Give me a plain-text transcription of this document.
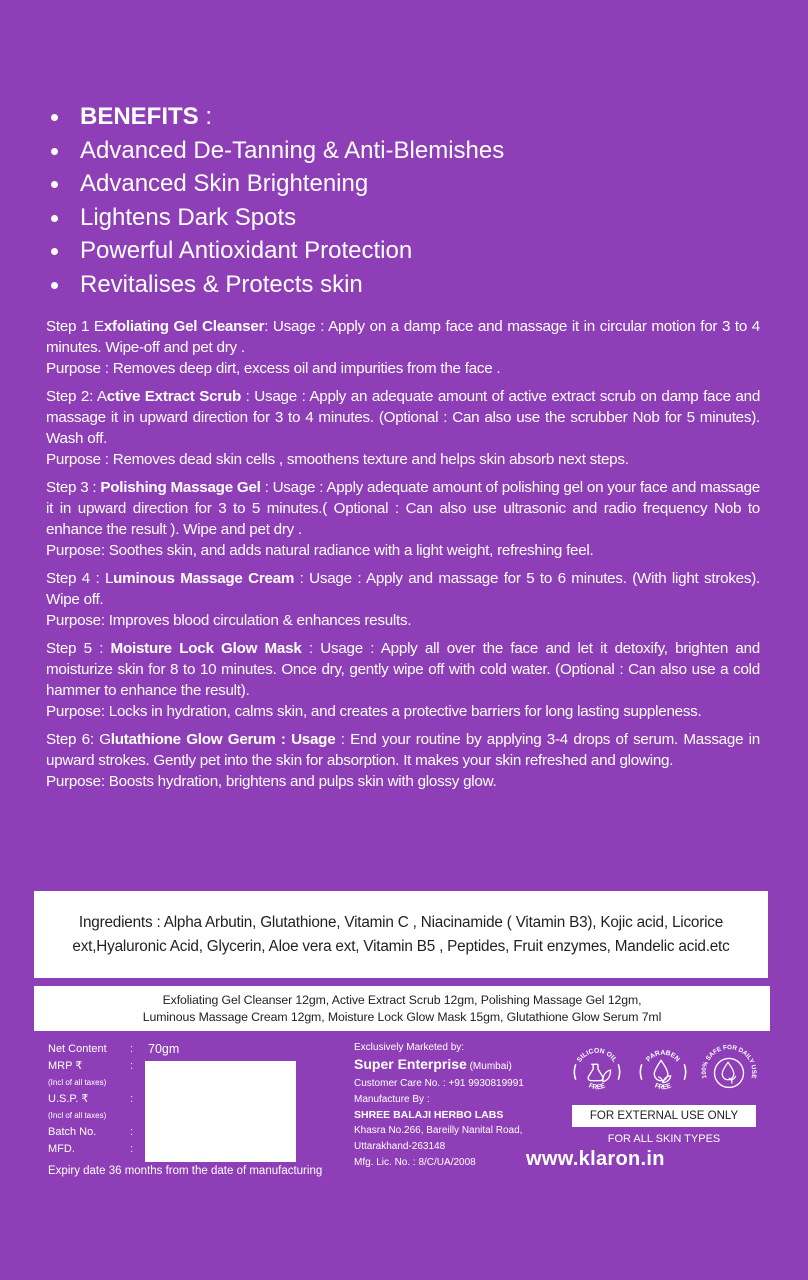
BENEFITS :
Advanced De-Tanning & Anti-Blemishes
Advanced Skin Brightening
Lightens Dark Spots
Powerful Antioxidant Protection
Revitalises & Protects skin

Step 1 Exfoliating Gel Cleanser: Usage : Apply on a damp face and massage it in circular motion for 3 to 4 minutes. Wipe-off and pet dry .

Purpose : Removes deep dirt, excess oil and impurities from the face .

Step 2: Active Extract Scrub : Usage : Apply an adequate amount of active extract scrub on damp face and massage it in upward direction for 3 to 4 minutes. (Optional : Can also use the scrubber Nob for 5 minutes). Wash off.

Purpose : Removes dead skin cells , smoothens texture and helps skin absorb next steps.

Step 3 : Polishing Massage Gel : Usage : Apply adequate amount of polishing gel on your face and massage it in upward direction for 3 to 5 minutes.( Optional : Can also use ultrasonic and radio frequency Nob to enhance the result ). Wipe and pet dry .

Purpose: Soothes skin, and adds natural radiance with a light weight, refreshing feel.

Step 4 : Luminous Massage Cream : Usage : Apply and massage for 5 to 6 minutes. (With light strokes). Wipe off.

Purpose: Improves blood circulation & enhances results.

Step 5 : Moisture Lock Glow Mask : Usage : Apply all over the face and let it detoxify, brighten and moisturize skin for 8 to 10 minutes. Once dry, gently wipe off with cold water. (Optional : Can also use a cold hammer to enhance the result).

Purpose: Locks in hydration, calms skin, and creates a protective barriers for long lasting suppleness.

Step 6: Glutathione Glow Gerum : Usage : End your routine by applying 3-4 drops of serum. Massage in upward strokes. Gently pet into the skin for absorption. It makes your skin refreshed and glowing.

Purpose: Boosts hydration, brightens and pulps skin with glossy glow.

Ingredients : Alpha Arbutin, Glutathione, Vitamin C , Niacinamide ( Vitamin B3), Kojic acid, Licorice ext,Hyaluronic Acid, Glycerin, Aloe vera ext, Vitamin B5 , Peptides, Fruit enzymes, Mandelic acid.etc

Exfoliating Gel Cleanser 12gm, Active Extract Scrub 12gm, Polishing Massage Gel 12gm,
Luminous Massage Cream 12gm, Moisture Lock Glow Mask 15gm, Glutathione Glow Serum 7ml

Net Content : 70gm
MRP ₹	:
(Incl of all taxes)
U.S.P. ₹	:
(Incl of all taxes)
Batch No.	:
MFD.	:
Expiry date 36 months from the date of manufacturing
Exclusively Marketed by:
Super Enterprise (Mumbai)
Customer Care No. : +91 9930819991
Manufacture By :
SHREE BALAJI HERBO LABS
Khasra No.266, Bareilly Nanital Road,
Uttarakhand-263148
Mfg. Lic. No. : 8/C/UA/2008
SILICON OIL
FREE
PARABEN
FREE
100% SAFE FOR DAILY USE
FOR EXTERNAL USE ONLY
FOR ALL SKIN TYPES
www.klaron.in
